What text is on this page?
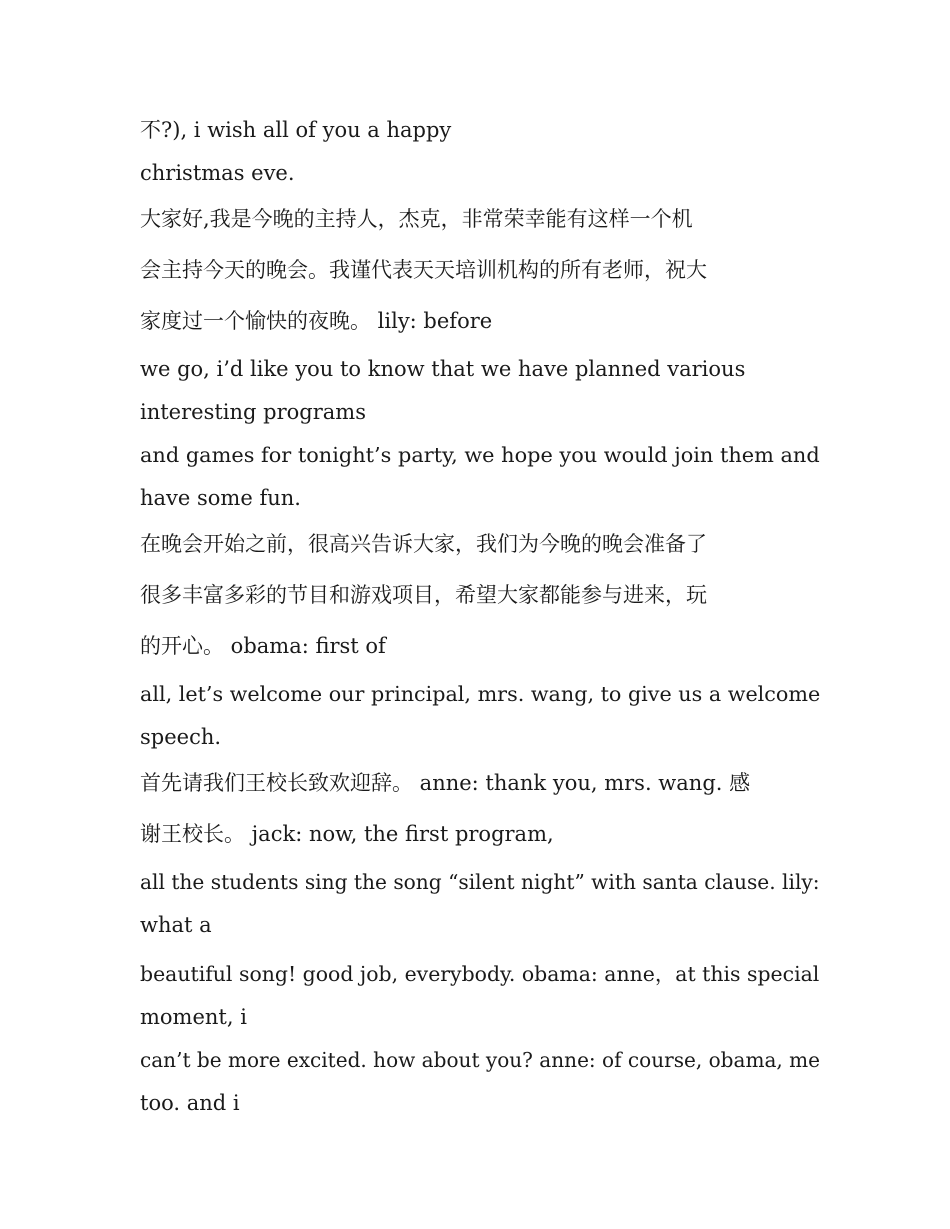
不?), i wish all of you a happy

christmas eve.

大家好,我是今晚的主持人，杰克，非常荣幸能有这样一个机

会主持今天的晚会。我谨代表天天培训机构的所有老师，祝大

家度过一个愉快的夜晚。 lily: before

we go, i’d like you to know that we have planned various

interesting programs

and games for tonight’s party, we hope you would join them and

have some fun.

在晚会开始之前，很高兴告诉大家，我们为今晚的晚会准备了

很多丰富多彩的节目和游戏项目，希望大家都能参与进来，玩

的开心。 obama: first of

all, let’s welcome our principal, mrs. wang, to give us a welcome

speech.

首先请我们王校长致欢迎辞。 anne: thank you, mrs. wang. 感

谢王校长。 jack: now, the first program,

all the students sing the song “silent night” with santa clause. lily:

what a

beautiful song! good job, everybody. obama: anne，at this special

moment, i

can’t be more excited. how about you? anne: of course, obama, me

too. and i
